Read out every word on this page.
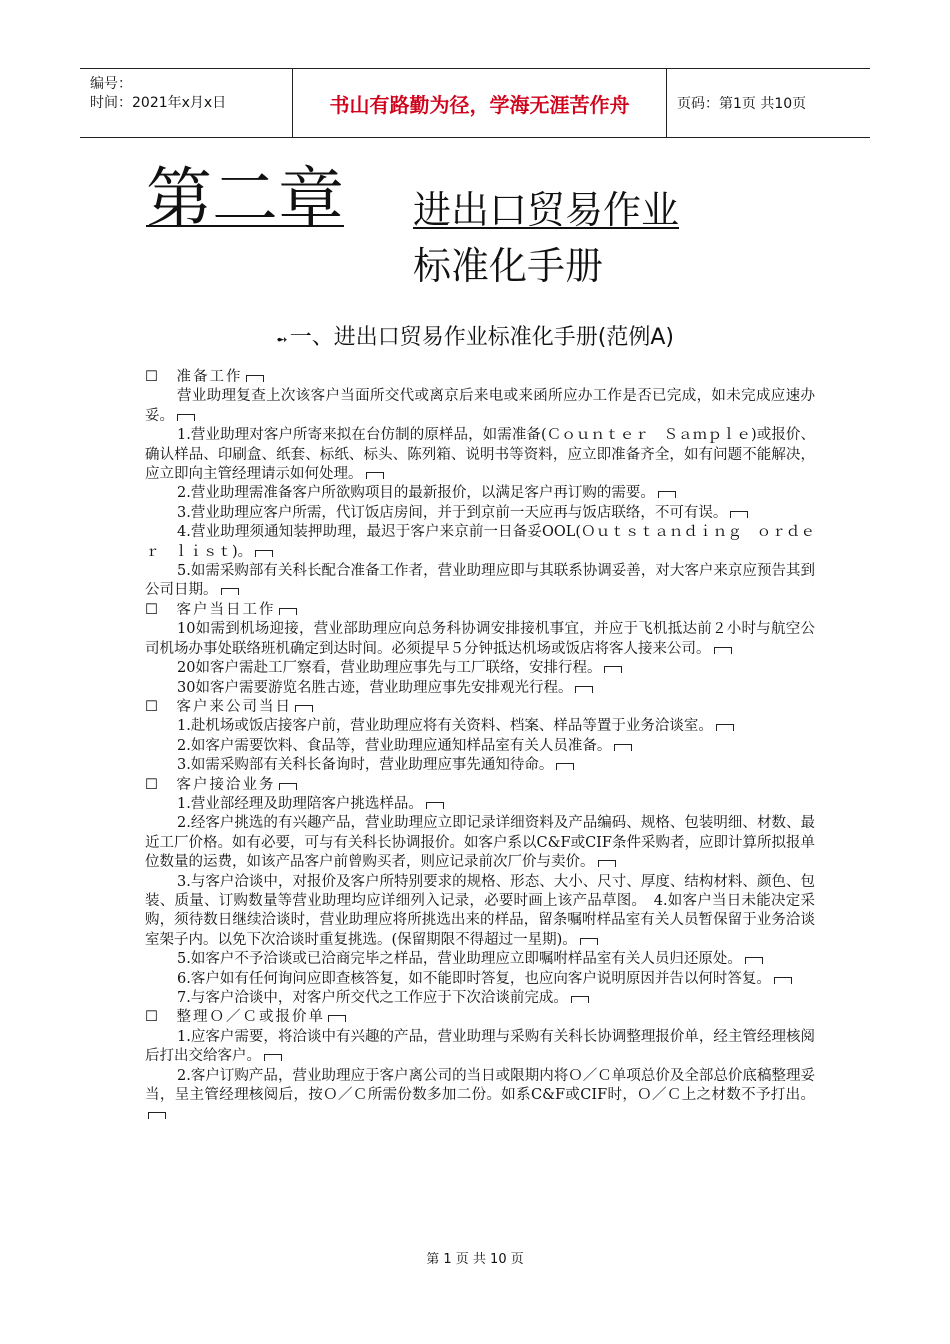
编号：
时间：2021年x月x日	书山有路勤为径，学海无涯苦作舟	页码：第1页 共10页
第二章 进出口贸易作业
标准化手册
➻一、进出口贸易作业标准化手册(范例A)

☐　准备工作

营业助理复查上次该客户当面所交代或离京后来电或来函所应办工作是否已完成，如未完成应速办妥。

1.营业助理对客户所寄来拟在台仿制的原样品，如需准备(Ｃｏｕｎｔｅｒ　Ｓａｍｐｌｅ)或报价、确认样品、印刷盒、纸套、标纸、标头、陈列箱、说明书等资料，应立即准备齐全，如有问题不能解决，应立即向主管经理请示如何处理。

2.营业助理需准备客户所欲购项目的最新报价，以满足客户再订购的需要。

3.营业助理应客户所需，代订饭店房间，并于到京前一天应再与饭店联络，不可有误。

4.营业助理须通知装押助理，最迟于客户来京前一日备妥OOL(Ｏｕｔｓｔａｎｄｉｎｇ　ｏｒｄｅｒ　ｌｉｓｔ)。

5.如需采购部有关科长配合准备工作者，营业助理应即与其联系协调妥善，对大客户来京应预告其到公司日期。

☐　客户当日工作

10如需到机场迎接，营业部助理应向总务科协调安排接机事宜，并应于飞机抵达前２小时与航空公司机场办事处联络班机确定到达时间。必须提早５分钟抵达机场或饭店将客人接来公司。

20如客户需赴工厂察看，营业助理应事先与工厂联络，安排行程。

30如客户需要游览名胜古迹，营业助理应事先安排观光行程。

☐　客户来公司当日

1.赴机场或饭店接客户前，营业助理应将有关资料、档案、样品等置于业务洽谈室。

2.如客户需要饮料、食品等，营业助理应通知样品室有关人员准备。

3.如需采购部有关科长备询时，营业助理应事先通知待命。

☐　客户接洽业务

1.营业部经理及助理陪客户挑选样品。

2.经客户挑选的有兴趣产品，营业助理应立即记录详细资料及产品编码、规格、包装明细、材数、最近工厂价格。如有必要，可与有关科长协调报价。如客户系以C&F或CIF条件采购者，应即计算所拟报单位数量的运费，如该产品客户前曾购买者，则应记录前次厂价与卖价。

3.与客户洽谈中，对报价及客户所特别要求的规格、形态、大小、尺寸、厚度、结构材料、颜色、包装、质量、订购数量等营业助理均应详细列入记录，必要时画上该产品草图。　4.如客户当日未能决定采购，须待数日继续洽谈时，营业助理应将所挑选出来的样品，留条嘱咐样品室有关人员暂保留于业务洽谈室架子内。以免下次洽谈时重复挑选。(保留期限不得超过一星期)。

5.如客户不予洽谈或已洽商完毕之样品，营业助理应立即嘱咐样品室有关人员归还原处。

6.客户如有任何询问应即查核答复，如不能即时答复，也应向客户说明原因并告以何时答复。

7.与客户洽谈中，对客户所交代之工作应于下次洽谈前完成。

☐　整理Ｏ／Ｃ或报价单

1.应客户需要，将洽谈中有兴趣的产品，营业助理与采购有关科长协调整理报价单，经主管经理核阅后打出交给客户。

2.客户订购产品，营业助理应于客户离公司的当日或限期内将Ｏ／Ｃ单项总价及全部总价底稿整理妥当，呈主管经理核阅后，按Ｏ／Ｃ所需份数多加二份。如系C&F或CIF时，Ｏ／Ｃ上之材数不予打出。

第 1 页 共 10 页
